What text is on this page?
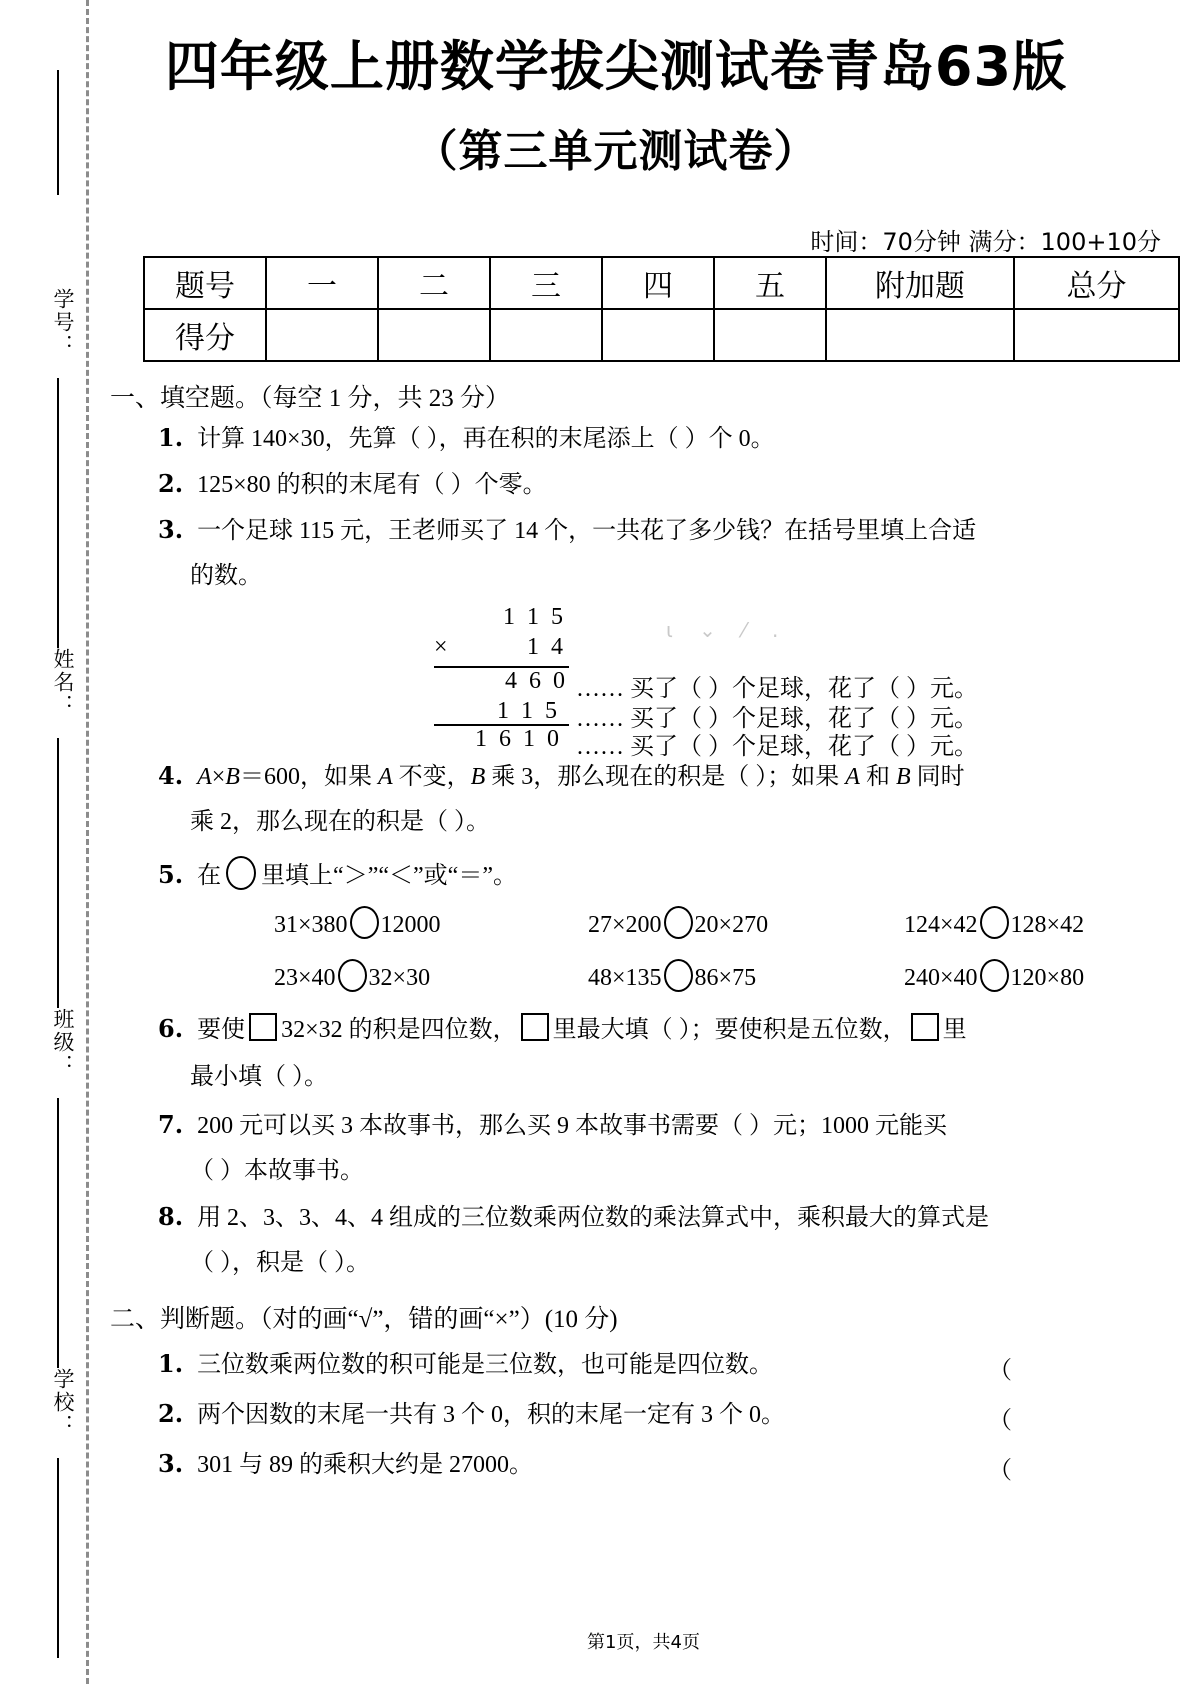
学号：
姓名：
班级：
学校：
四年级上册数学拔尖测试卷青岛63版
（第三单元测试卷）
时间：70分钟 满分：100+10分
题号	一	二	三	四	五	附加题	总分
得分							
一、填空题。（每空 1 分，共 23 分）
1. 计算 140×30，先算（ ），再在积的末尾添上（ ）个 0。
2. 125×80 的积的末尾有（ ）个零。
3. 一个足球 115 元，王老师买了 14 个，一共花了多少钱？在括号里填上合适
的数。
1 1 5
×	1 4
4 6 0 …… 买了（ ）个足球，花了（ ）元。
1 1 5 …… 买了（ ）个足球，花了（ ）元。
1 6 1 0 …… 买了（ ）个足球，花了（ ）元。
ι ⌄ ⁄ .
4. A×B＝600，如果 A 不变，B 乘 3，那么现在的积是（ ）；如果 A 和 B 同时
乘 2，那么现在的积是（ ）。
5. 在 里填上“＞”“＜”或“＝”。
31×380 12000	27×200 20×270	124×42 128×42
23×40 32×30	48×135 86×75	240×40 120×80
6. 要使 32×32 的积是四位数， 里最大填（ ）；要使积是五位数， 里
最小填（ ）。
7. 200 元可以买 3 本故事书，那么买 9 本故事书需要（ ）元；1000 元能买
（ ）本故事书。
8. 用 2、3、3、4、4 组成的三位数乘两位数的乘法算式中，乘积最大的算式是
（ ），积是（ ）。
二、判断题。（对的画“√”，错的画“×”）(10 分)
1. 三位数乘两位数的积可能是三位数，也可能是四位数。	（
2. 两个因数的末尾一共有 3 个 0，积的末尾一定有 3 个 0。	（
3. 301 与 89 的乘积大约是 27000。	（
第1页，共4页
